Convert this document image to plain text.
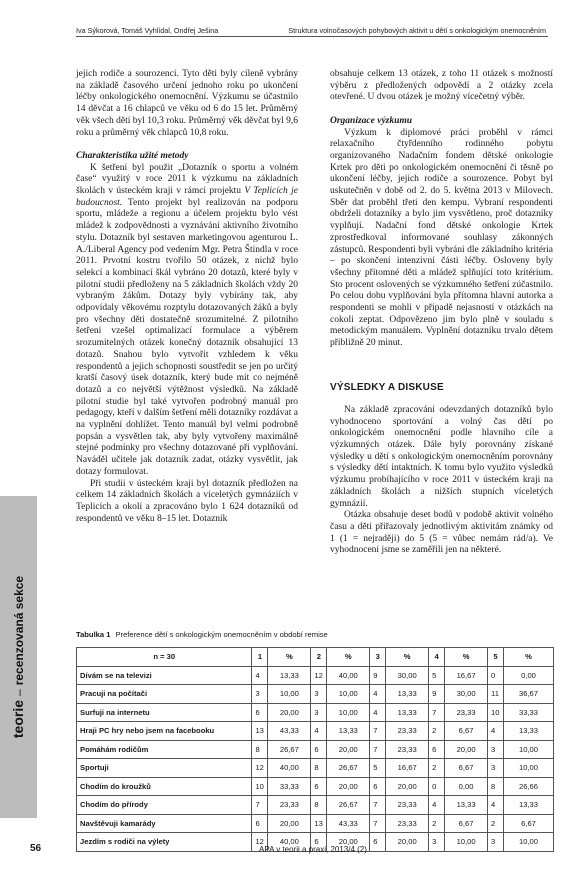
Iva Sýkorová, Tomáš Vyhlídal, Ondřej Ješina	Struktura volnočasových pohybových aktivit u dětí s onkologickým onemocněním
teorie–recenzovaná sekce

jejich rodiče a sourozenci. Tyto děti byly cíleně vybrány na základě časového určení jednoho roku po ukončení léčby onkologického onemocnění. Výzkumu se účastnilo 14 děvčat a 16 chlapců ve věku od 6 do 15 let. Průměrný věk všech dětí byl 10,3 roku. Průměrný věk děvčat byl 9,6 roku a průměrný věk chlapců 10,8 roku.

Charakteristika užité metody

K šetření byl použit „Dotazník o sportu a volném čase“ využitý v roce 2011 k výzkumu na základních školách v ústeckém kraji v rámci projektu V Teplicích je budoucnost. Tento projekt byl realizován na podporu sportu, mládeže a regionu a účelem projektu bylo vést mládež k zodpovědnosti a vyznávání aktivního životního stylu. Dotazník byl sestaven marketingovou agenturou L. A./Liberal Agency pod vedením Mgr. Petra Štindla v roce 2011. Prvotní kostru tvořilo 50 otázek, z nichž bylo selekcí a kombinací škál vybráno 20 dotazů, které byly v pilotní studii předloženy na 5 základních školách vždy 20 vybraným žákům. Dotazy byly vybírány tak, aby odpovídaly věkovému rozptylu dotazovaných žáků a byly pro všechny děti dostatečně srozumitelné. Z pilotního šetření vzešel optimalizací formulace a výběrem srozumitelných otázek konečný dotazník obsahující 13 dotazů. Snahou bylo vytvořit vzhledem k věku respondentů a jejich schopnosti soustředit se jen po určitý kratší časový úsek dotazník, který bude mít co nejméně dotazů a co největší výtěžnost výsledků. Na základě pilotní studie byl také vytvořen podrobný manuál pro pedagogy, kteří v dalším šetření měli dotazníky rozdávat a na vyplnění dohlížet. Tento manuál byl velmi podrobně popsán a vysvětlen tak, aby byly vytvořeny maximálně stejné podmínky pro všechny dotazované při vyplňování. Naváděl učitele jak dotazník zadat, otázky vysvětlit, jak dotazy formulovat.

Při studii v ústeckém kraji byl dotazník předložen na celkem 14 základních školách a víceletých gymnáziích v Teplicích a okolí a zpracováno bylo 1 624 dotazníků od respondentů ve věku 8–15 let. Dotazník

obsahuje celkem 13 otázek, z toho 11 otázek s možností výběru z předložených odpovědí a 2 otázky zcela otevřené. U dvou otázek je možný vícečetný výběr.

Organizace výzkumu

Výzkum k diplomové práci proběhl v rámci relaxačního čtyřdenního rodinného pobytu organizovaného Nadačním fondem dětské onkologie Krtek pro děti po onkologickém onemocnění či těsně po ukončení léčby, jejich rodiče a sourozence. Pobyt byl uskutečněn v době od 2. do 5. května 2013 v Milovech. Sběr dat proběhl třetí den kempu. Vybraní respondenti obdrželi dotazníky a bylo jim vysvětleno, proč dotazníky vyplňují. Nadační fond dětské onkologie Krtek zprostředkoval informované souhlasy zákonných zástupců. Respondenti byli vybráni dle základního kritéria – po skončení intenzivní části léčby. Osloveny byly všechny přítomné děti a mládež splňující toto kritérium. Sto procent oslovených se výzkumného šetření zúčastnilo. Po celou dobu vyplňování byla přítomna hlavní autorka a respondenti se mohli v případě nejasností v otázkách na cokoli zeptat. Odpovězeno jim bylo plně v souladu s metodickým manuálem. Vyplnění dotazníku trvalo dětem přibližně 20 minut.

VÝSLEDKY A DISKUSE

Na základě zpracování odevzdaných dotazníků bylo vyhodnoceno sportování a volný čas dětí po onkologickém onemocnění podle hlavního cíle a výzkumných otázek. Dále byly porovnány získané výsledky u dětí s onkologickým onemocněním porovnány s výsledky dětí intaktních. K tomu bylo využito výsledků výzkumu probíhajícího v roce 2011 v ústeckém kraji na základních školách a nižších stupních víceletých gymnázií.

Otázka obsahuje deset bodů v podobě aktivit volného času a děti přiřazovaly jednotlivým aktivitám známky od 1 (1 = nejraději) do 5 (5 = vůbec nemám rád/a). Ve vyhodnocení jsme se zaměřili jen na některé.

Tabulka 1 Preference dětí s onkologickým onemocněním v období remise
n = 30	1	%	2	%	3	%	4	%	5	%
Dívám se na televizi	4	13,33	12	40,00	9	30,00	5	16,67	0	0,00
Pracuji na počítači	3	10,00	3	10,00	4	13,33	9	30,00	11	36,67
Surfuji na internetu	6	20,00	3	10,00	4	13,33	7	23,33	10	33,33
Hraji PC hry nebo jsem na facebooku	13	43,33	4	13,33	7	23,33	2	6,67	4	13,33
Pomáhám rodičům	8	26,67	6	20,00	7	23,33	6	20,00	3	10,00
Sportuji	12	40,00	8	26,67	5	16,67	2	6,67	3	10,00
Chodím do kroužků	10	33,33	6	20,00	6	20,00	0	0,00	8	26,66
Chodím do přírody	7	23,33	8	26,67	7	23,33	4	13,33	4	13,33
Navštěvuji kamarády	6	20,00	13	43,33	7	23,33	2	6,67	2	6,67
Jezdím s rodiči na výlety	12	40,00	6	20,00	6	20,00	3	10,00	3	10,00
56	APA v teorii a praxi, 2013/4 (2)
